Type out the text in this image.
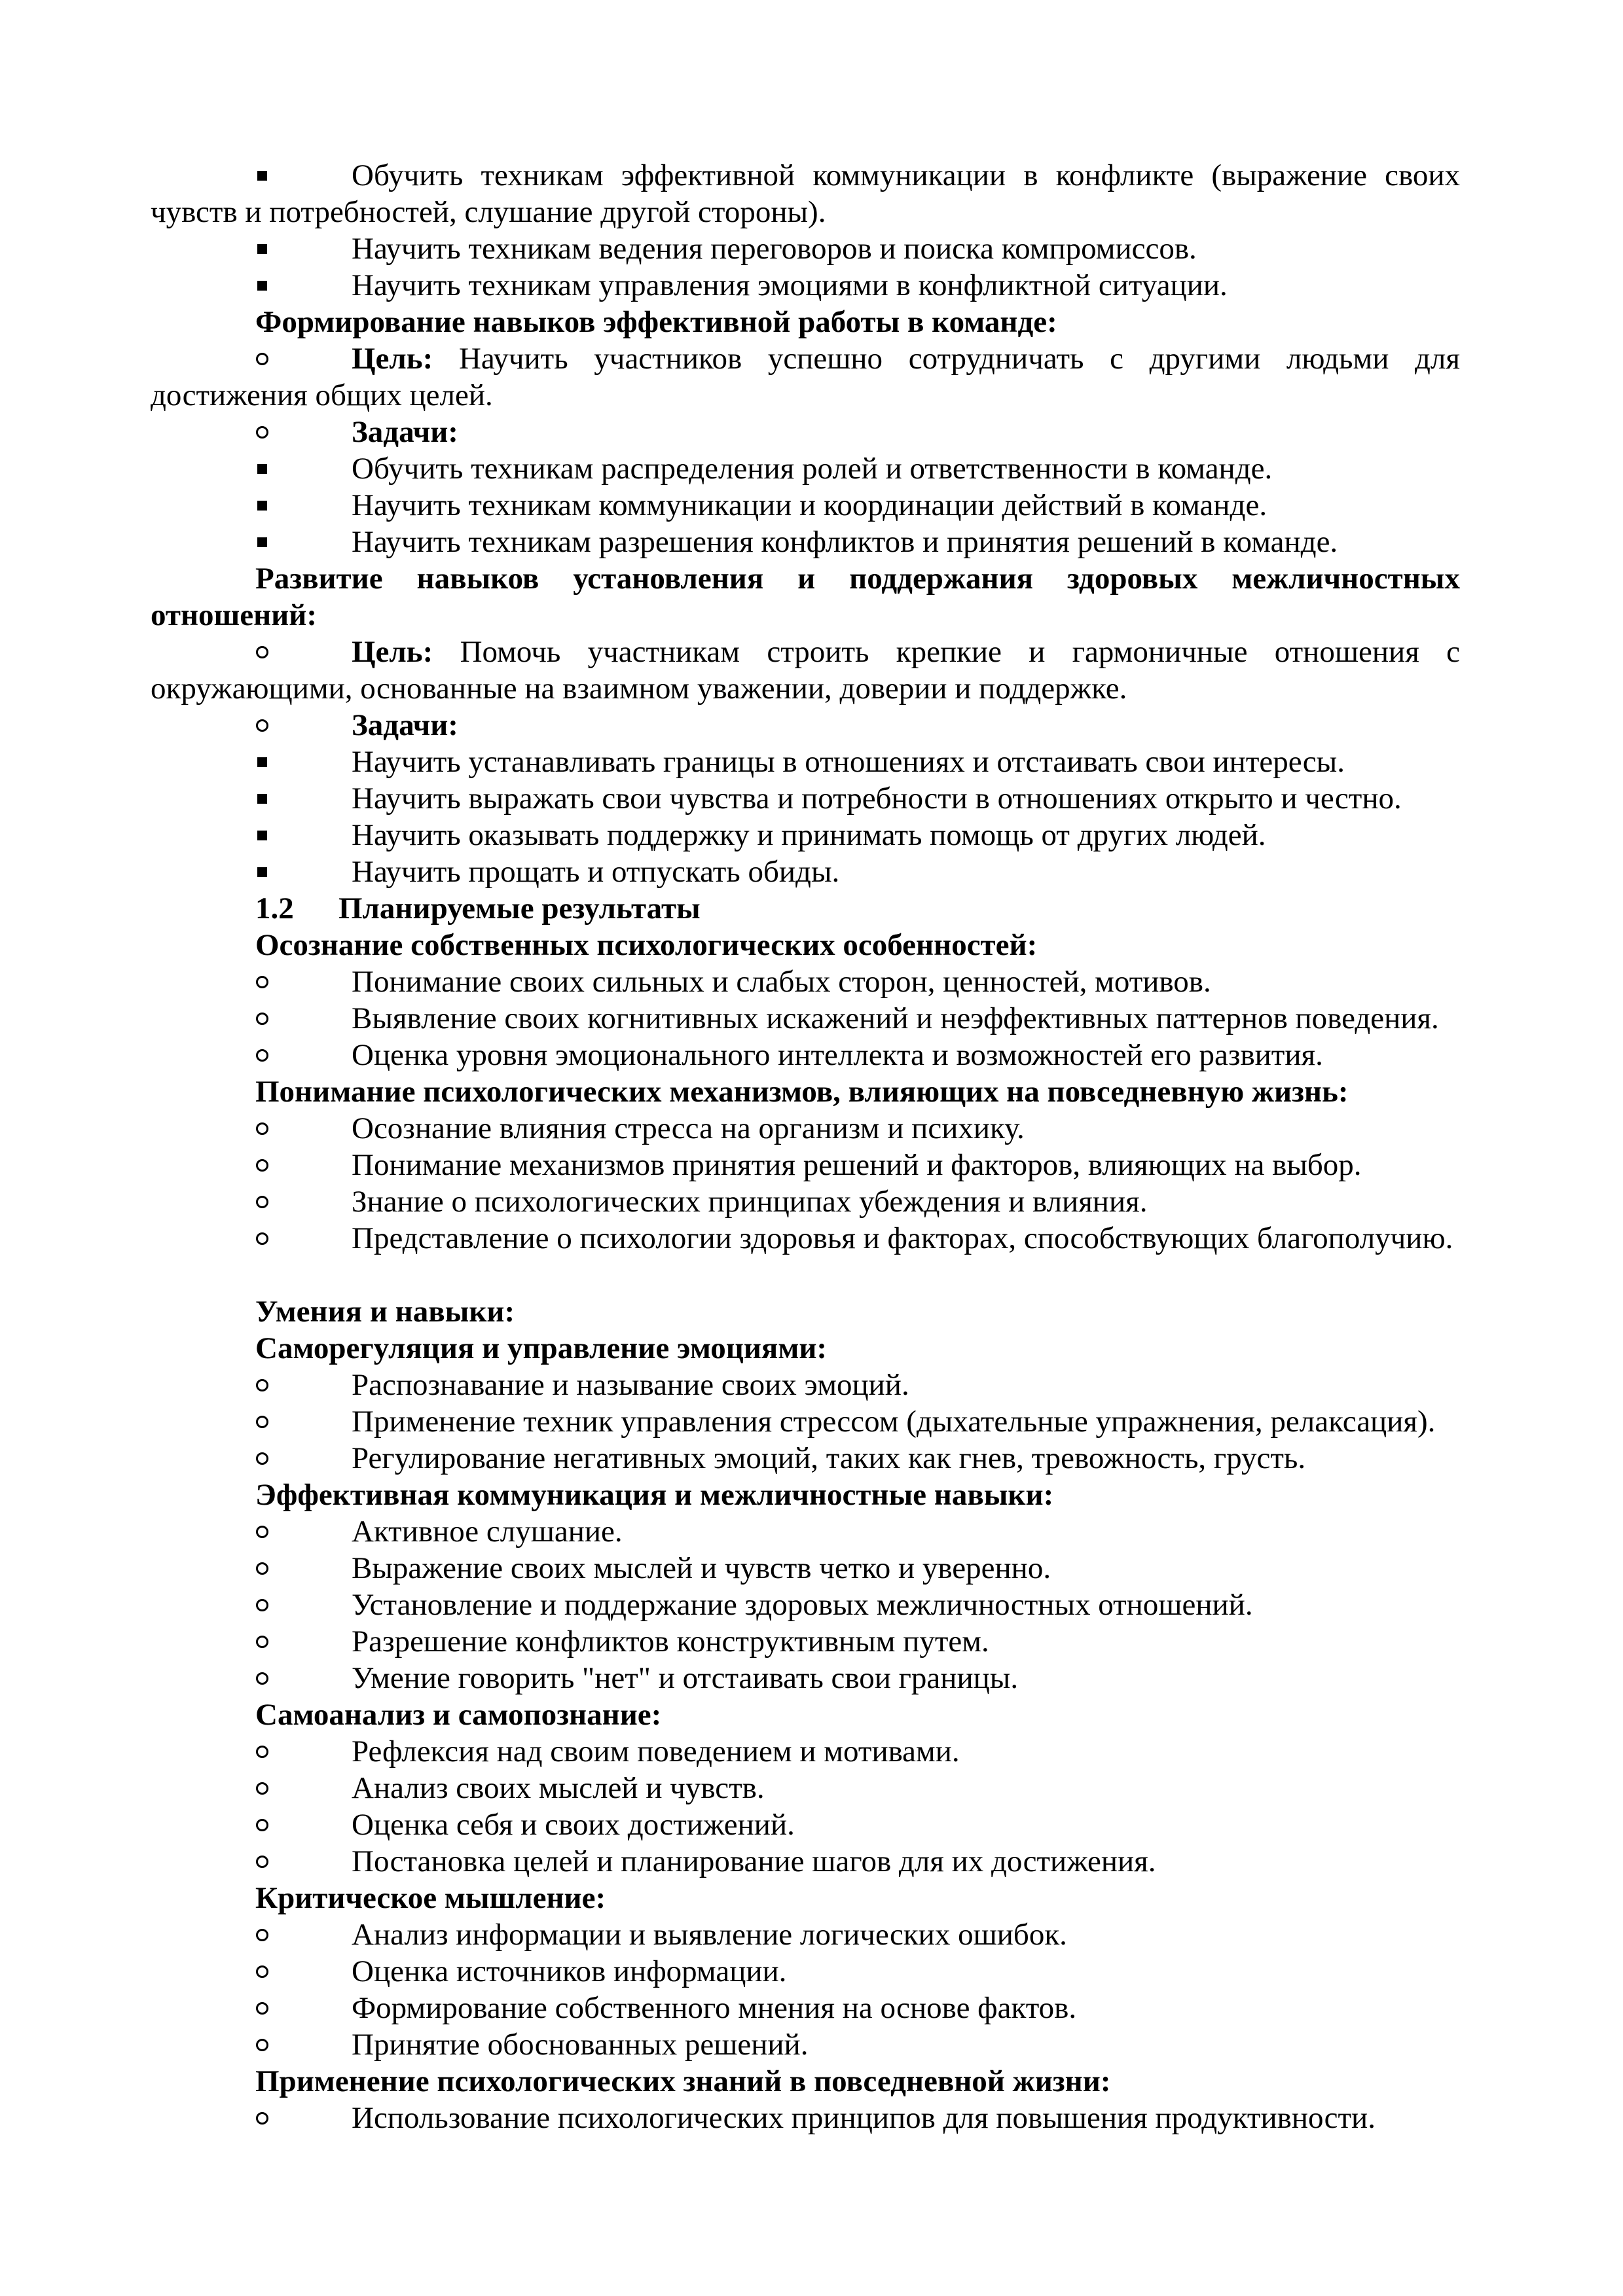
Обучить техникам эффективной коммуникации в конфликте (выражение своих
чувств и потребностей, слушание другой стороны).
Научить техникам ведения переговоров и поиска компромиссов.
Научить техникам управления эмоциями в конфликтной ситуации.
Формирование навыков эффективной работы в команде:
Цель: Научить участников успешно сотрудничать с другими людьми для
достижения общих целей.
Задачи:
Обучить техникам распределения ролей и ответственности в команде.
Научить техникам коммуникации и координации действий в команде.
Научить техникам разрешения конфликтов и принятия решений в команде.
Развитие навыков установления и поддержания здоровых межличностных
отношений:
Цель: Помочь участникам строить крепкие и гармоничные отношения с
окружающими, основанные на взаимном уважении, доверии и поддержке.
Задачи:
Научить устанавливать границы в отношениях и отстаивать свои интересы.
Научить выражать свои чувства и потребности в отношениях открыто и честно.
Научить оказывать поддержку и принимать помощь от других людей.
Научить прощать и отпускать обиды.
1.2 Планируемые результаты
Осознание собственных психологических особенностей:
Понимание своих сильных и слабых сторон, ценностей, мотивов.
Выявление своих когнитивных искажений и неэффективных паттернов поведения.
Оценка уровня эмоционального интеллекта и возможностей его развития.
Понимание психологических механизмов, влияющих на повседневную жизнь:
Осознание влияния стресса на организм и психику.
Понимание механизмов принятия решений и факторов, влияющих на выбор.
Знание о психологических принципах убеждения и влияния.
Представление о психологии здоровья и факторах, способствующих благополучию.
Умения и навыки:
Саморегуляция и управление эмоциями:
Распознавание и называние своих эмоций.
Применение техник управления стрессом (дыхательные упражнения, релаксация).
Регулирование негативных эмоций, таких как гнев, тревожность, грусть.
Эффективная коммуникация и межличностные навыки:
Активное слушание.
Выражение своих мыслей и чувств четко и уверенно.
Установление и поддержание здоровых межличностных отношений.
Разрешение конфликтов конструктивным путем.
Умение говорить "нет" и отстаивать свои границы.
Самоанализ и самопознание:
Рефлексия над своим поведением и мотивами.
Анализ своих мыслей и чувств.
Оценка себя и своих достижений.
Постановка целей и планирование шагов для их достижения.
Критическое мышление:
Анализ информации и выявление логических ошибок.
Оценка источников информации.
Формирование собственного мнения на основе фактов.
Принятие обоснованных решений.
Применение психологических знаний в повседневной жизни:
Использование психологических принципов для повышения продуктивности.
